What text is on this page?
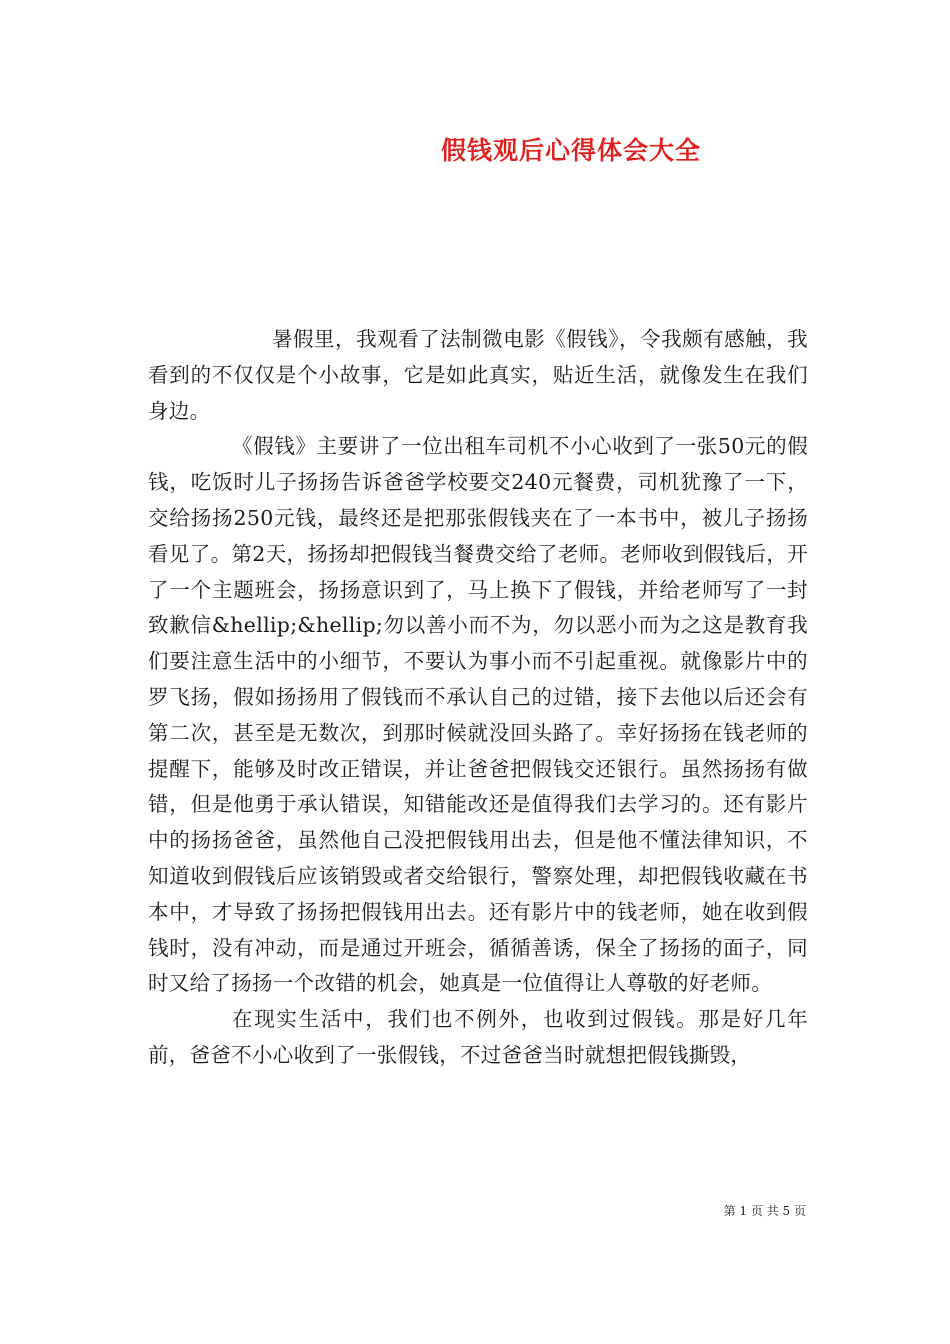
假钱观后心得体会大全

暑假里，我观看了法制微电影《假钱》，令我颇有感触，我看到的不仅仅是个小故事，它是如此真实，贴近生活，就像发生在我们身边。

《假钱》主要讲了一位出租车司机不小心收到了一张50元的假钱，吃饭时儿子扬扬告诉爸爸学校要交240元餐费，司机犹豫了一下，交给扬扬250元钱，最终还是把那张假钱夹在了一本书中，被儿子扬扬看见了。第2天，扬扬却把假钱当餐费交给了老师。老师收到假钱后，开了一个主题班会，扬扬意识到了，马上换下了假钱，并给老师写了一封致歉信&hellip;&hellip;勿以善小而不为，勿以恶小而为之这是教育我们要注意生活中的小细节，不要认为事小而不引起重视。就像影片中的罗飞扬，假如扬扬用了假钱而不承认自己的过错，接下去他以后还会有第二次，甚至是无数次，到那时候就没回头路了。幸好扬扬在钱老师的提醒下，能够及时改正错误，并让爸爸把假钱交还银行。虽然扬扬有做错，但是他勇于承认错误，知错能改还是值得我们去学习的。还有影片中的扬扬爸爸，虽然他自己没把假钱用出去，但是他不懂法律知识，不知道收到假钱后应该销毁或者交给银行，警察处理，却把假钱收藏在书本中，才导致了扬扬把假钱用出去。还有影片中的钱老师，她在收到假钱时，没有冲动，而是通过开班会，循循善诱，保全了扬扬的面子，同时又给了扬扬一个改错的机会，她真是一位值得让人尊敬的好老师。

在现实生活中，我们也不例外，也收到过假钱。那是好几年前，爸爸不小心收到了一张假钱，不过爸爸当时就想把假钱撕毁，

第 1 页 共 5 页
